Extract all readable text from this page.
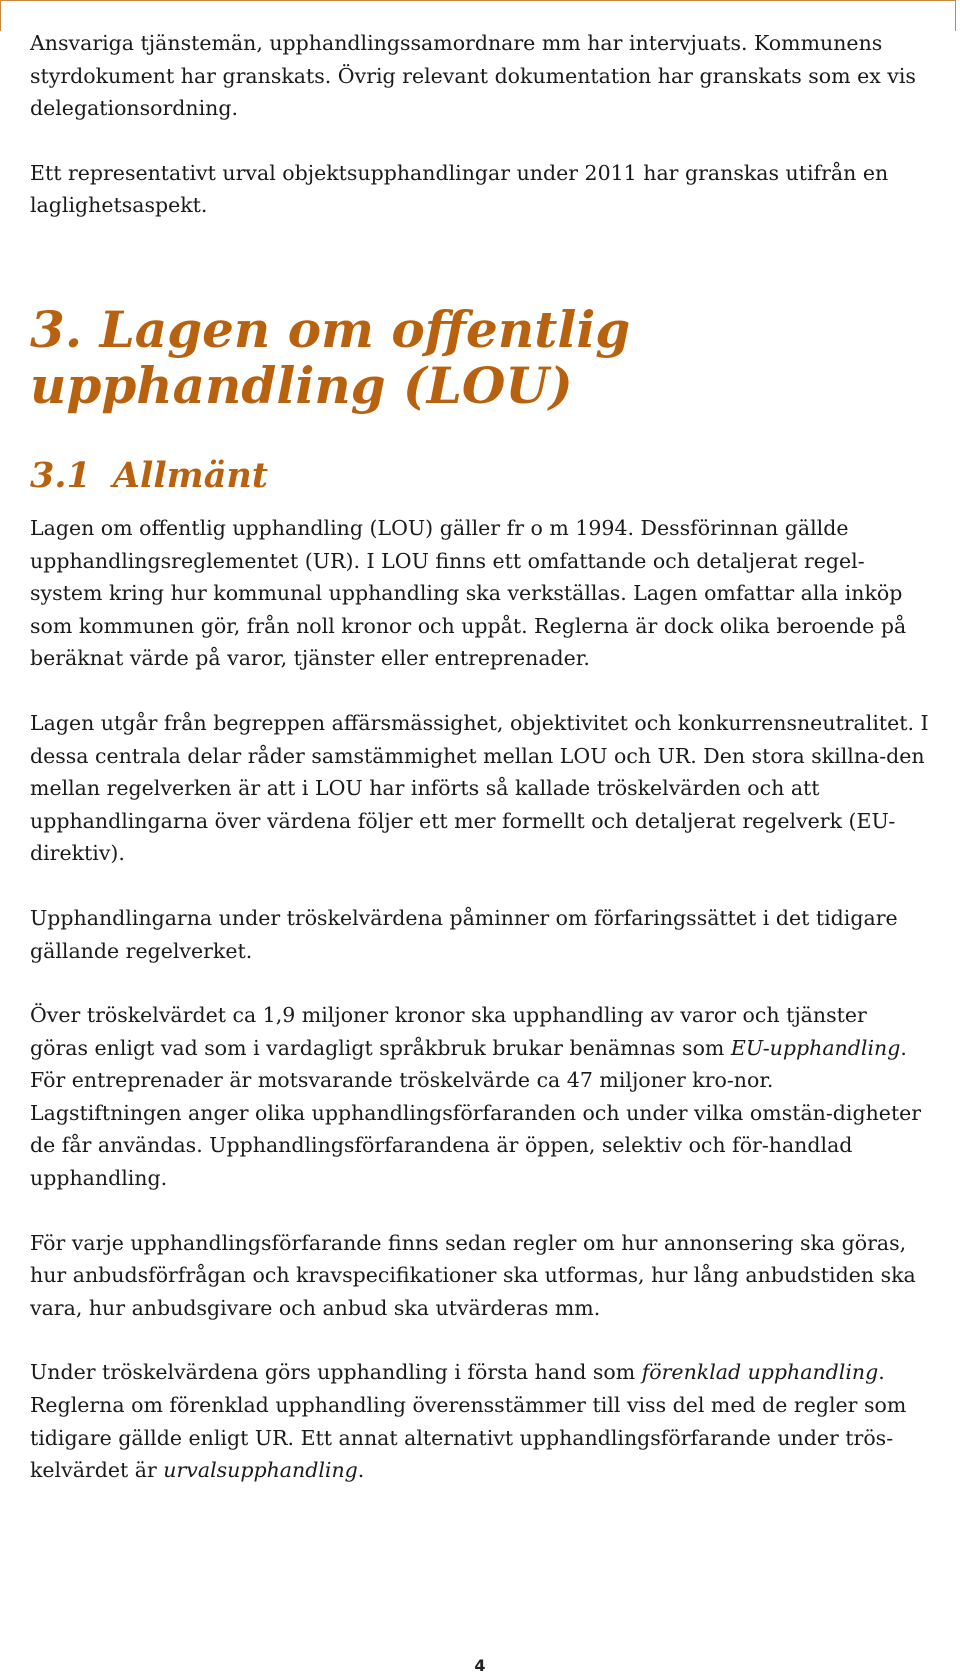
Ansvariga tjänstemän, upphandlingssamordnare mm har intervjuats. Kommunens styrdokument har granskats. Övrig relevant dokumentation har granskats som ex vis delegationsordning.

Ett representativt urval objektsupphandlingar under 2011 har granskas utifrån en laglighetsaspekt.

3. Lagen om offentlig upphandling (LOU)
3.1 Allmänt

Lagen om offentlig upphandling (LOU) gäller fr o m 1994. Dessförinnan gällde upphandlingsreglementet (UR). I LOU finns ett omfattande och detaljerat regel-system kring hur kommunal upphandling ska verkställas. Lagen omfattar alla inköp som kommunen gör, från noll kronor och uppåt. Reglerna är dock olika beroende på beräknat värde på varor, tjänster eller entreprenader.

Lagen utgår från begreppen affärsmässighet, objektivitet och konkurrensneutralitet. I dessa centrala delar råder samstämmighet mellan LOU och UR. Den stora skillna-den mellan regelverken är att i LOU har införts så kallade tröskelvärden och att upphandlingarna över värdena följer ett mer formellt och detaljerat regelverk (EU-direktiv).

Upphandlingarna under tröskelvärdena påminner om förfaringssättet i det tidigare gällande regelverket.

Över tröskelvärdet ca 1,9 miljoner kronor ska upphandling av varor och tjänster göras enligt vad som i vardagligt språkbruk brukar benämnas som EU-upphandling. För entreprenader är motsvarande tröskelvärde ca 47 miljoner kro-nor. Lagstiftningen anger olika upphandlingsförfaranden och under vilka omstän-digheter de får användas. Upphandlingsförfarandena är öppen, selektiv och för-handlad upphandling.

För varje upphandlingsförfarande finns sedan regler om hur annonsering ska göras, hur anbudsförfrågan och kravspecifikationer ska utformas, hur lång anbudstiden ska vara, hur anbudsgivare och anbud ska utvärderas mm.

Under tröskelvärdena görs upphandling i första hand som förenklad upphandling. Reglerna om förenklad upphandling överensstämmer till viss del med de regler som tidigare gällde enligt UR. Ett annat alternativt upphandlingsförfarande under trös-kelvärdet är urvalsupphandling.

4
